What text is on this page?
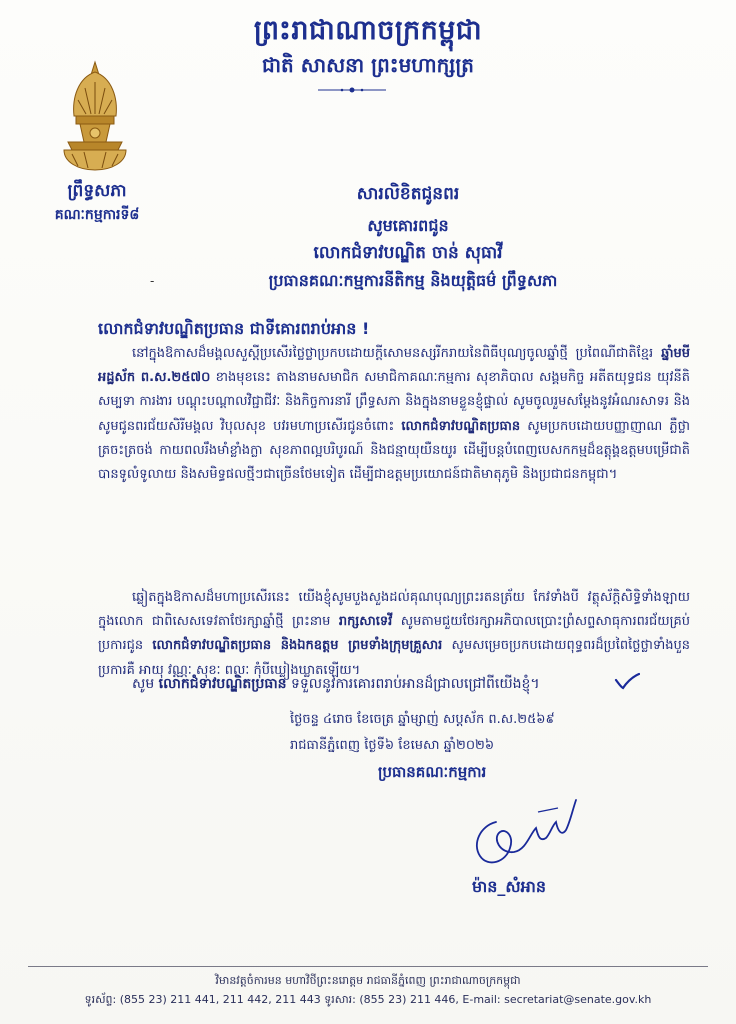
ព្រះរាជាណាចក្រកម្ពុជា
ជាតិ សាសនា ព្រះមហាក្សត្រ
ព្រឹទ្ធសភា
គណៈកម្មការទី៨
សារលិខិតជូនពរ
សូមគោរពជូន
លោកជំទាវបណ្ឌិត ចាន់ សុធាវី
-	ប្រធានគណៈកម្មការនីតិកម្ម និងយុត្តិធម៌ ព្រឹទ្ធសភា
លោកជំទាវបណ្ឌិតប្រធាន ជាទីគោរពរាប់អាន !
នៅក្នុងឱកាសដ៏មង្គលសួស្តីប្រសើរថ្លៃថ្លាប្រកបដោយក្តីសោមនស្សរីករាយនៃពិធីបុណ្យចូលឆ្នាំថ្មី ប្រពៃណីជាតិខ្មែរ ឆ្នាំមមី អដ្ឋស័ក ព.ស.២៥៧០ ខាងមុខនេះ តាងនាមសមាជិក សមាជិកាគណៈកម្មការ សុខាភិបាល សង្គមកិច្ច អតីតយុទ្ធជន យុវនីតិសម្បទា ការងារ បណ្តុះបណ្តាលវិជ្ជាជីវៈ និងកិច្ចការនារី ព្រឹទ្ធសភា និងក្នុងនាមខ្លួនខ្ញុំផ្ទាល់ សូមចូលរួមសម្តែងនូវអំណរសាទរ និងសូមជូនពរជ័យសិរីមង្គល វិបុលសុខ បវរមហាប្រសើរជូនចំពោះ លោកជំទាវបណ្ឌិតប្រធាន សូមប្រកបដោយបញ្ញាញាណ ភ្លឺថ្លាត្រចះត្រចង់ កាយពលរឹងមាំខ្លាំងក្លា សុខភាពល្អបរិបូរណ៍ និងជន្មាយុយឺនយូរ ដើម្បីបន្តបំពេញបេសកកម្មដ៏ឧត្តុង្គឧត្តមបម្រើជាតិបានទូលំទូលាយ និងសមិទ្ធផលថ្មីៗជាច្រើនថែមទៀត ដើម្បីជាឧត្តមប្រយោជន៍ជាតិមាតុភូមិ និងប្រជាជនកម្ពុជា។
ឆ្លៀតក្នុងឱកាសដ៏មហាប្រសើរនេះ យើងខ្ញុំសូមបួងសួងដល់គុណបុណ្យព្រះរតនត្រ័យ កែវទាំងបី វត្ថុស័ក្តិសិទ្ធិទាំងឡាយក្នុងលោក ជាពិសេសទេវតាថែរក្សាឆ្នាំថ្មី ព្រះនាម រាក្សសាទេវី សូមតាមជួយថែរក្សាអភិបាលប្រោះព្រំសព្ទសាធុការពរជ័យគ្រប់ប្រការជូន លោកជំទាវបណ្ឌិតប្រធាន និងឯកឧត្តម ព្រមទាំងក្រុមគ្រួសារ សូមសម្រេចប្រកបដោយពុទ្ធពរដ៏ប្រពៃថ្លៃថ្លាទាំងបួនប្រការគឺ អាយុ វណ្ណៈ សុខៈ ពលៈ កុំបីឃ្លៀងឃ្លាតឡើយ។
សូម លោកជំទាវបណ្ឌិតប្រធាន ទទួលនូវការគោរពរាប់អានដ៏ជ្រាលជ្រៅពីយើងខ្ញុំ។
ថ្ងៃចន្ទ ៤រោច ខែចេត្រ ឆ្នាំម្សាញ់ សប្តស័ក ព.ស.២៥៦៩
រាជធានីភ្នំពេញ ថ្ងៃទី៦ ខែមេសា ឆ្នាំ២០២៦
ប្រធានគណៈកម្មការ
ម៉ាន_សំអាន
វិមានវត្តចំការមន មហាវិថីព្រះនរោត្តម រាជធានីភ្នំពេញ ព្រះរាជាណាចក្រកម្ពុជា
ទូរស័ព្ទ: (855 23) 211 441, 211 442, 211 443 ទូរសារ: (855 23) 211 446, E-mail: secretariat@senate.gov.kh
